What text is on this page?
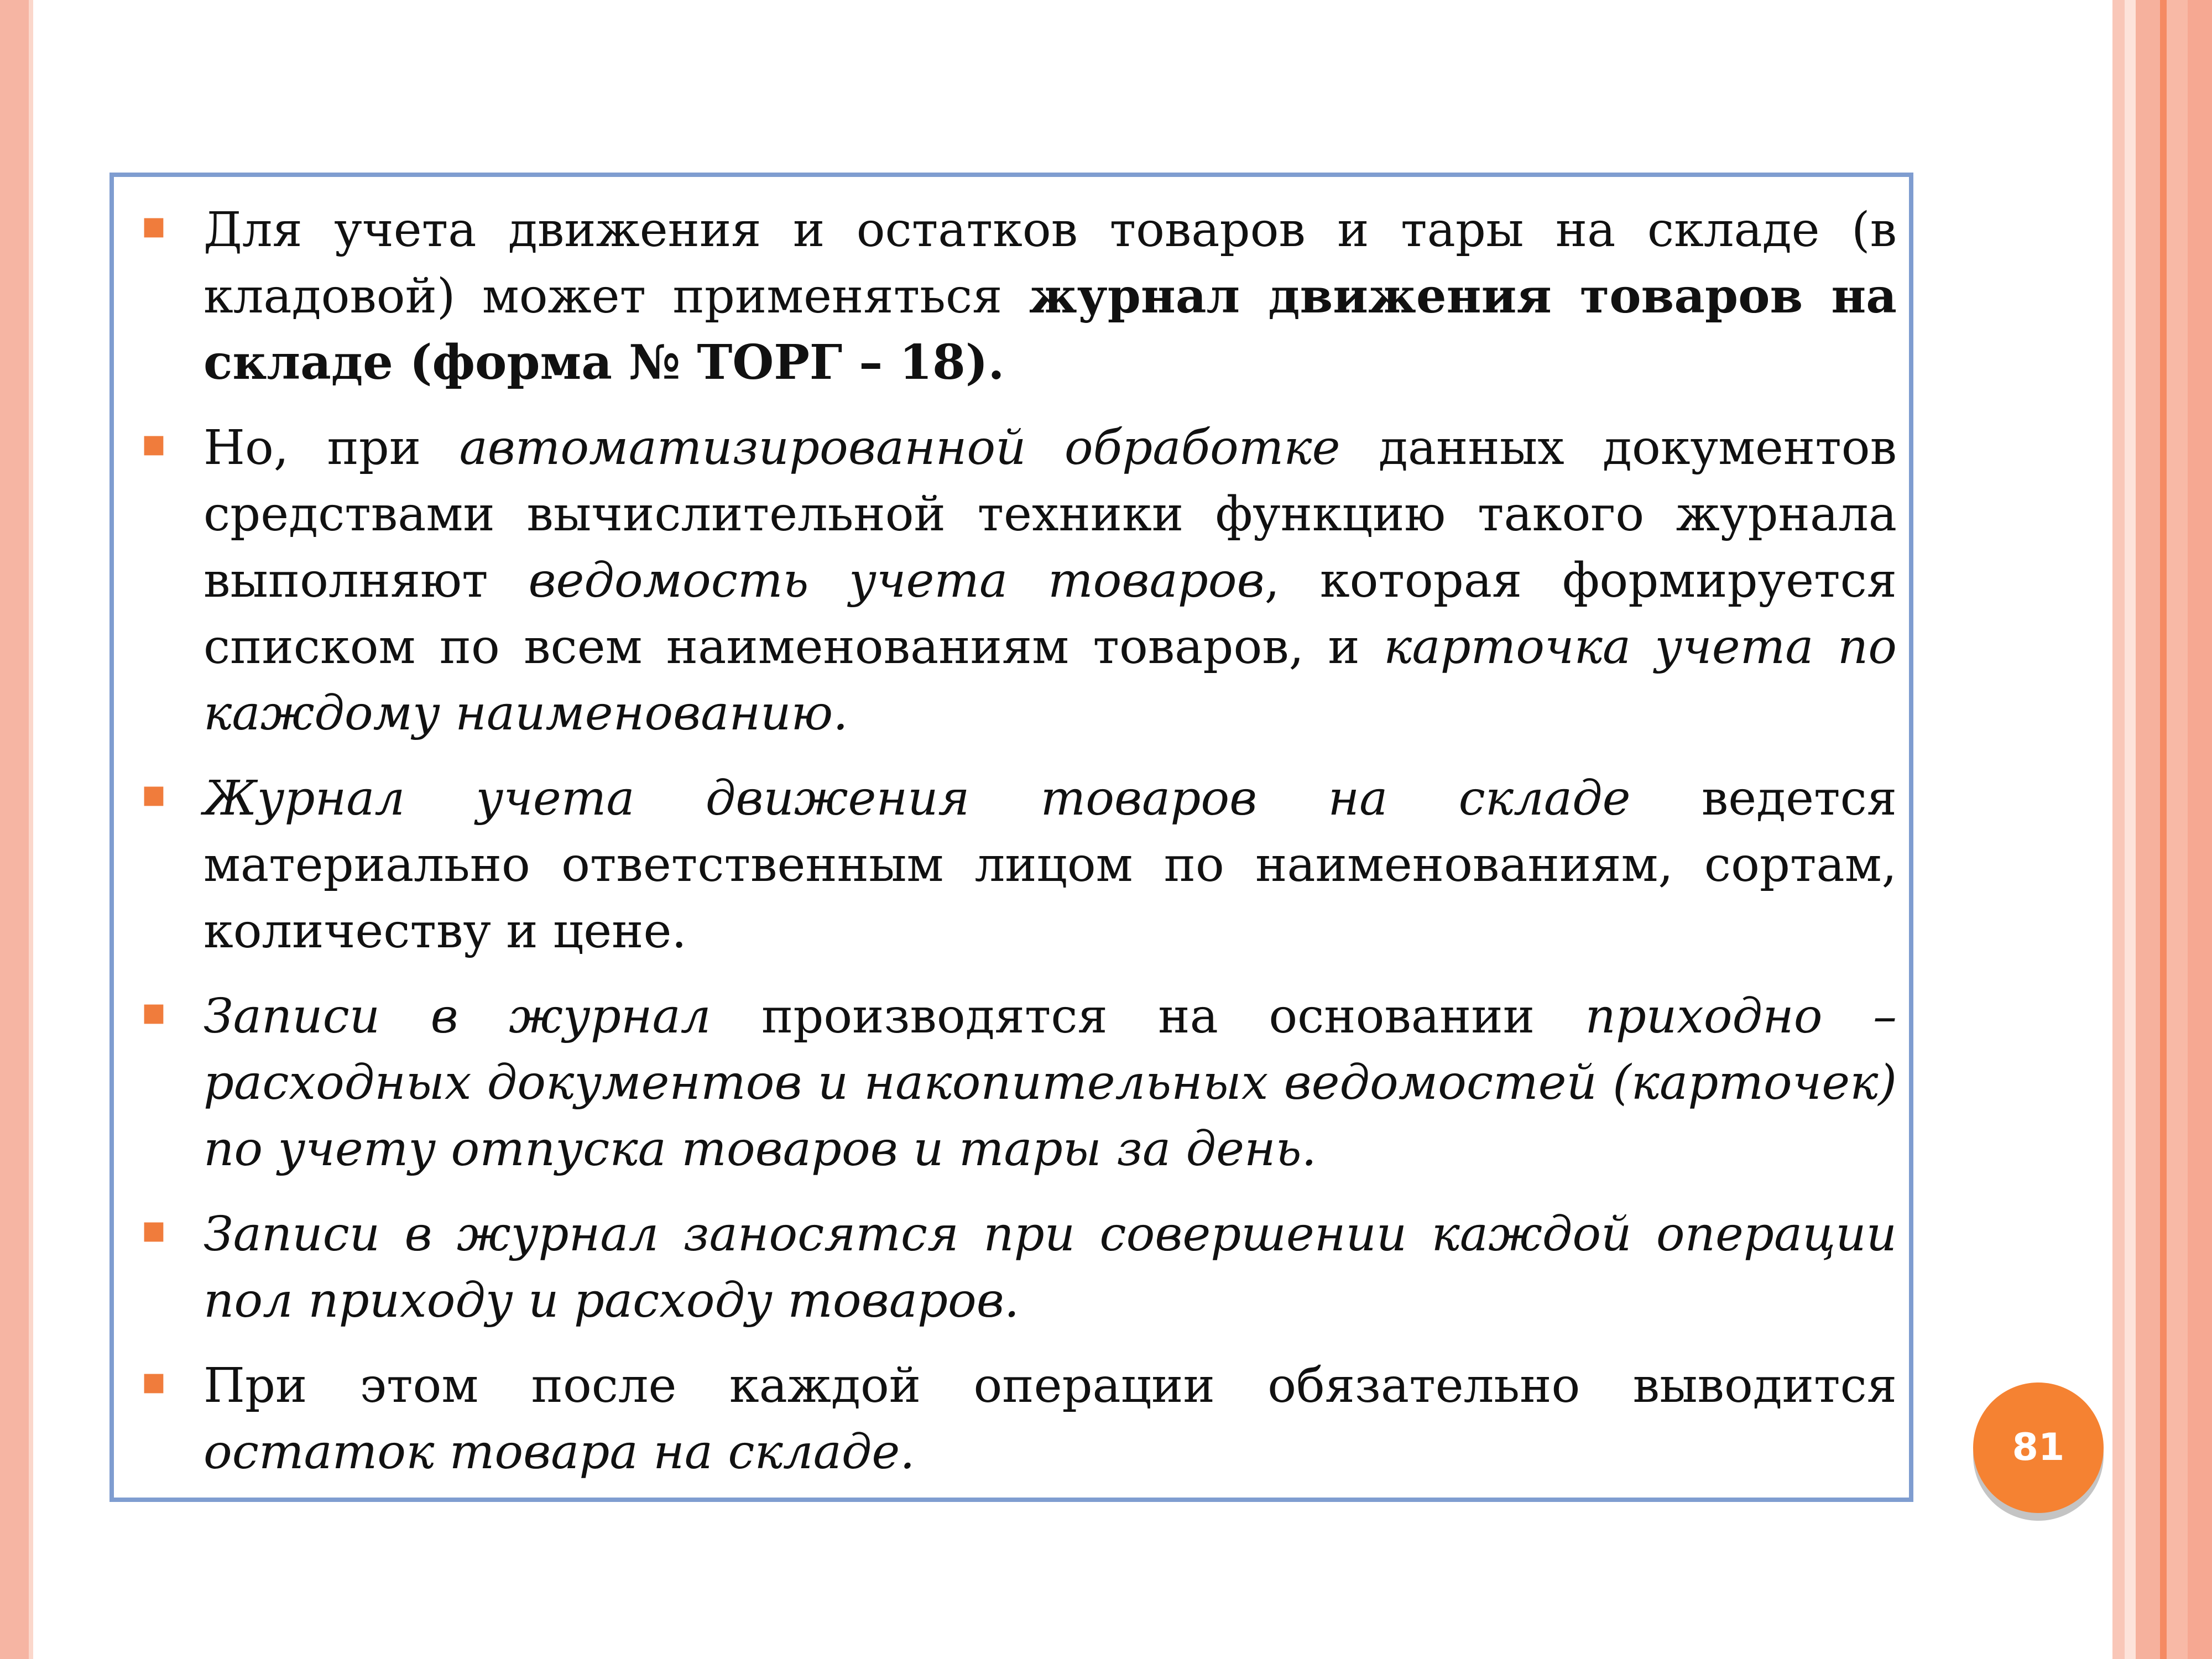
▪ Для учета движения и остатков товаров и тары на складе (в кладовой) может применяться журнал движения товаров на складе (форма № ТОРГ – 18).
▪ Но, при автоматизированной обработке данных документов средствами вычислительной техники функцию такого журнала выполняют ведомость учета товаров, которая формируется списком по всем наименованиям товаров, и карточка учета по каждому наименованию.
▪ Журнал учета движения товаров на складе ведется материально ответственным лицом по наименованиям, сортам, количеству и цене.
▪ Записи в журнал производятся на основании приходно – расходных документов и накопительных ведомостей (карточек) по учету отпуска товаров и тары за день.
▪ Записи в журнал заносятся при совершении каждой операции пол приходу и расходу товаров.
▪ При этом после каждой операции обязательно выводится остаток товара на складе.	81
